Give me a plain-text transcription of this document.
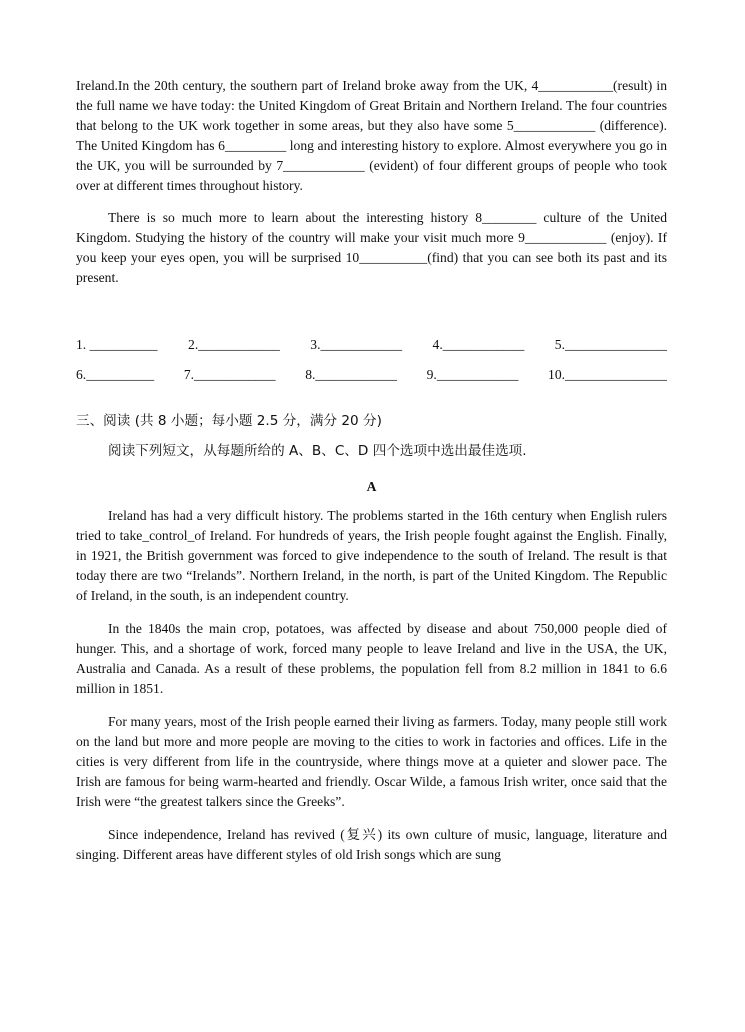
Ireland.In the 20th century, the southern part of Ireland broke away from the UK, 4___________(result) in the full name we have today: the United Kingdom of Great Britain and Northern Ireland. The four countries that belong to the UK work together in some areas, but they also have some 5____________ (difference). The United Kingdom has 6_________ long and interesting history to explore. Almost everywhere you go in the UK, you will be surrounded by 7____________ (evident) of four different groups of people who took over at different times throughout history.

There is so much more to learn about the interesting history 8________ culture of the United Kingdom. Studying the history of the country will make your visit much more 9____________ (enjoy). If you keep your eyes open, you will be surprised 10__________(find) that you can see both its past and its present.

1. __________ 2.____________ 3.____________ 4.____________ 5._______________
6.__________ 7.____________ 8.____________ 9.____________ 10._______________

三、阅读 (共 8 小题；每小题 2.5 分，满分 20 分)

阅读下列短文，从每题所给的 A、B、C、D 四个选项中选出最佳选项.

A

Ireland has had a very difficult history. The problems started in the 16th century when English rulers tried to take_control_of Ireland. For hundreds of years, the Irish people fought against the English. Finally, in 1921, the British government was forced to give independence to the south of Ireland. The result is that today there are two “Irelands”. Northern Ireland, in the north, is part of the United Kingdom. The Republic of Ireland, in the south, is an independent country.

In the 1840s the main crop, potatoes, was affected by disease and about 750,000 people died of hunger. This, and a shortage of work, forced many people to leave Ireland and live in the USA, the UK, Australia and Canada. As a result of these problems, the population fell from 8.2 million in 1841 to 6.6 million in 1851.

For many years, most of the Irish people earned their living as farmers. Today, many people still work on the land but more and more people are moving to the cities to work in factories and offices. Life in the cities is very different from life in the countryside, where things move at a quieter and slower pace. The Irish are famous for being warm-hearted and friendly. Oscar Wilde, a famous Irish writer, once said that the Irish were “the greatest talkers since the Greeks”.

Since independence, Ireland has revived (复兴) its own culture of music, language, literature and singing. Different areas have different styles of old Irish songs which are sung
